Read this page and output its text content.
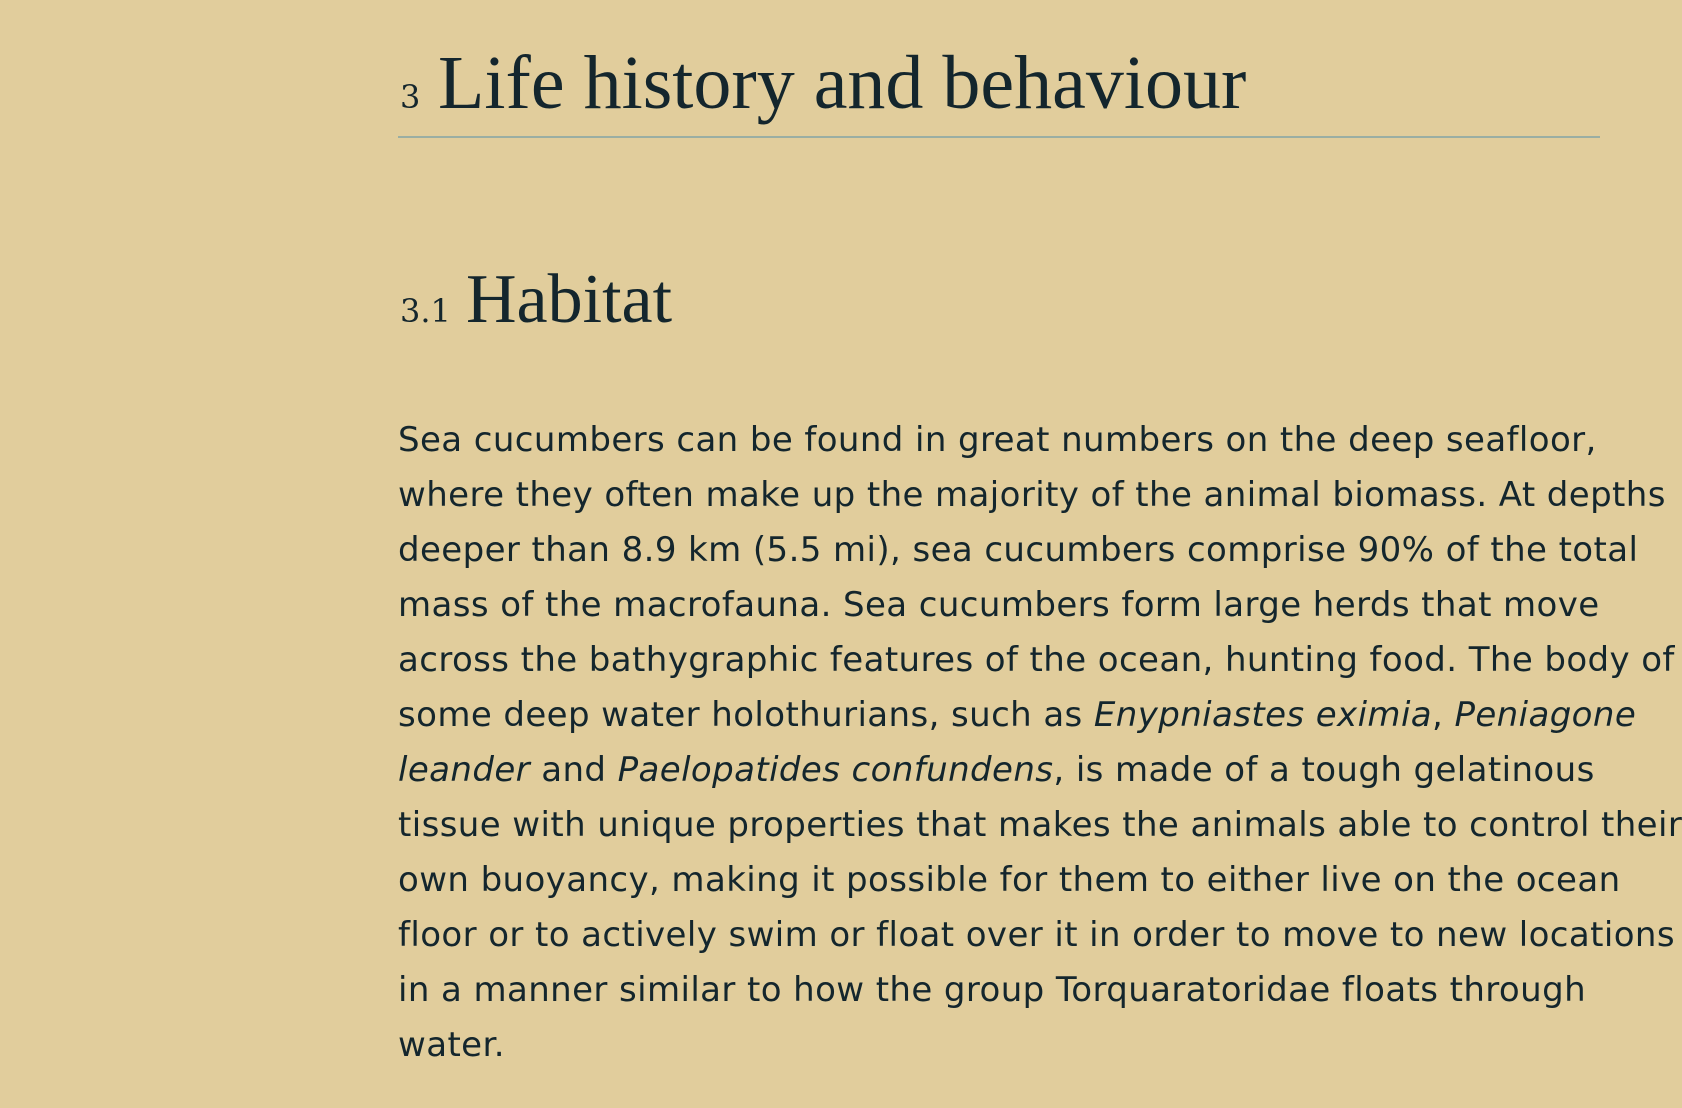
3 Life history and behaviour
3.1 Habitat

Sea cucumbers can be found in great numbers on the deep seafloor,
where they often make up the majority of the animal biomass. At depths
deeper than 8.9 km (5.5 mi), sea cucumbers comprise 90% of the total
mass of the macrofauna. Sea cucumbers form large herds that move
across the bathygraphic features of the ocean, hunting food. The body of
some deep water holothurians, such as Enypniastes eximia, Peniagone
leander and Paelopatides confundens, is made of a tough gelatinous
tissue with unique properties that makes the animals able to control their
own buoyancy, making it possible for them to either live on the ocean
floor or to actively swim or float over it in order to move to new locations
in a manner similar to how the group Torquaratoridae floats through
water.
